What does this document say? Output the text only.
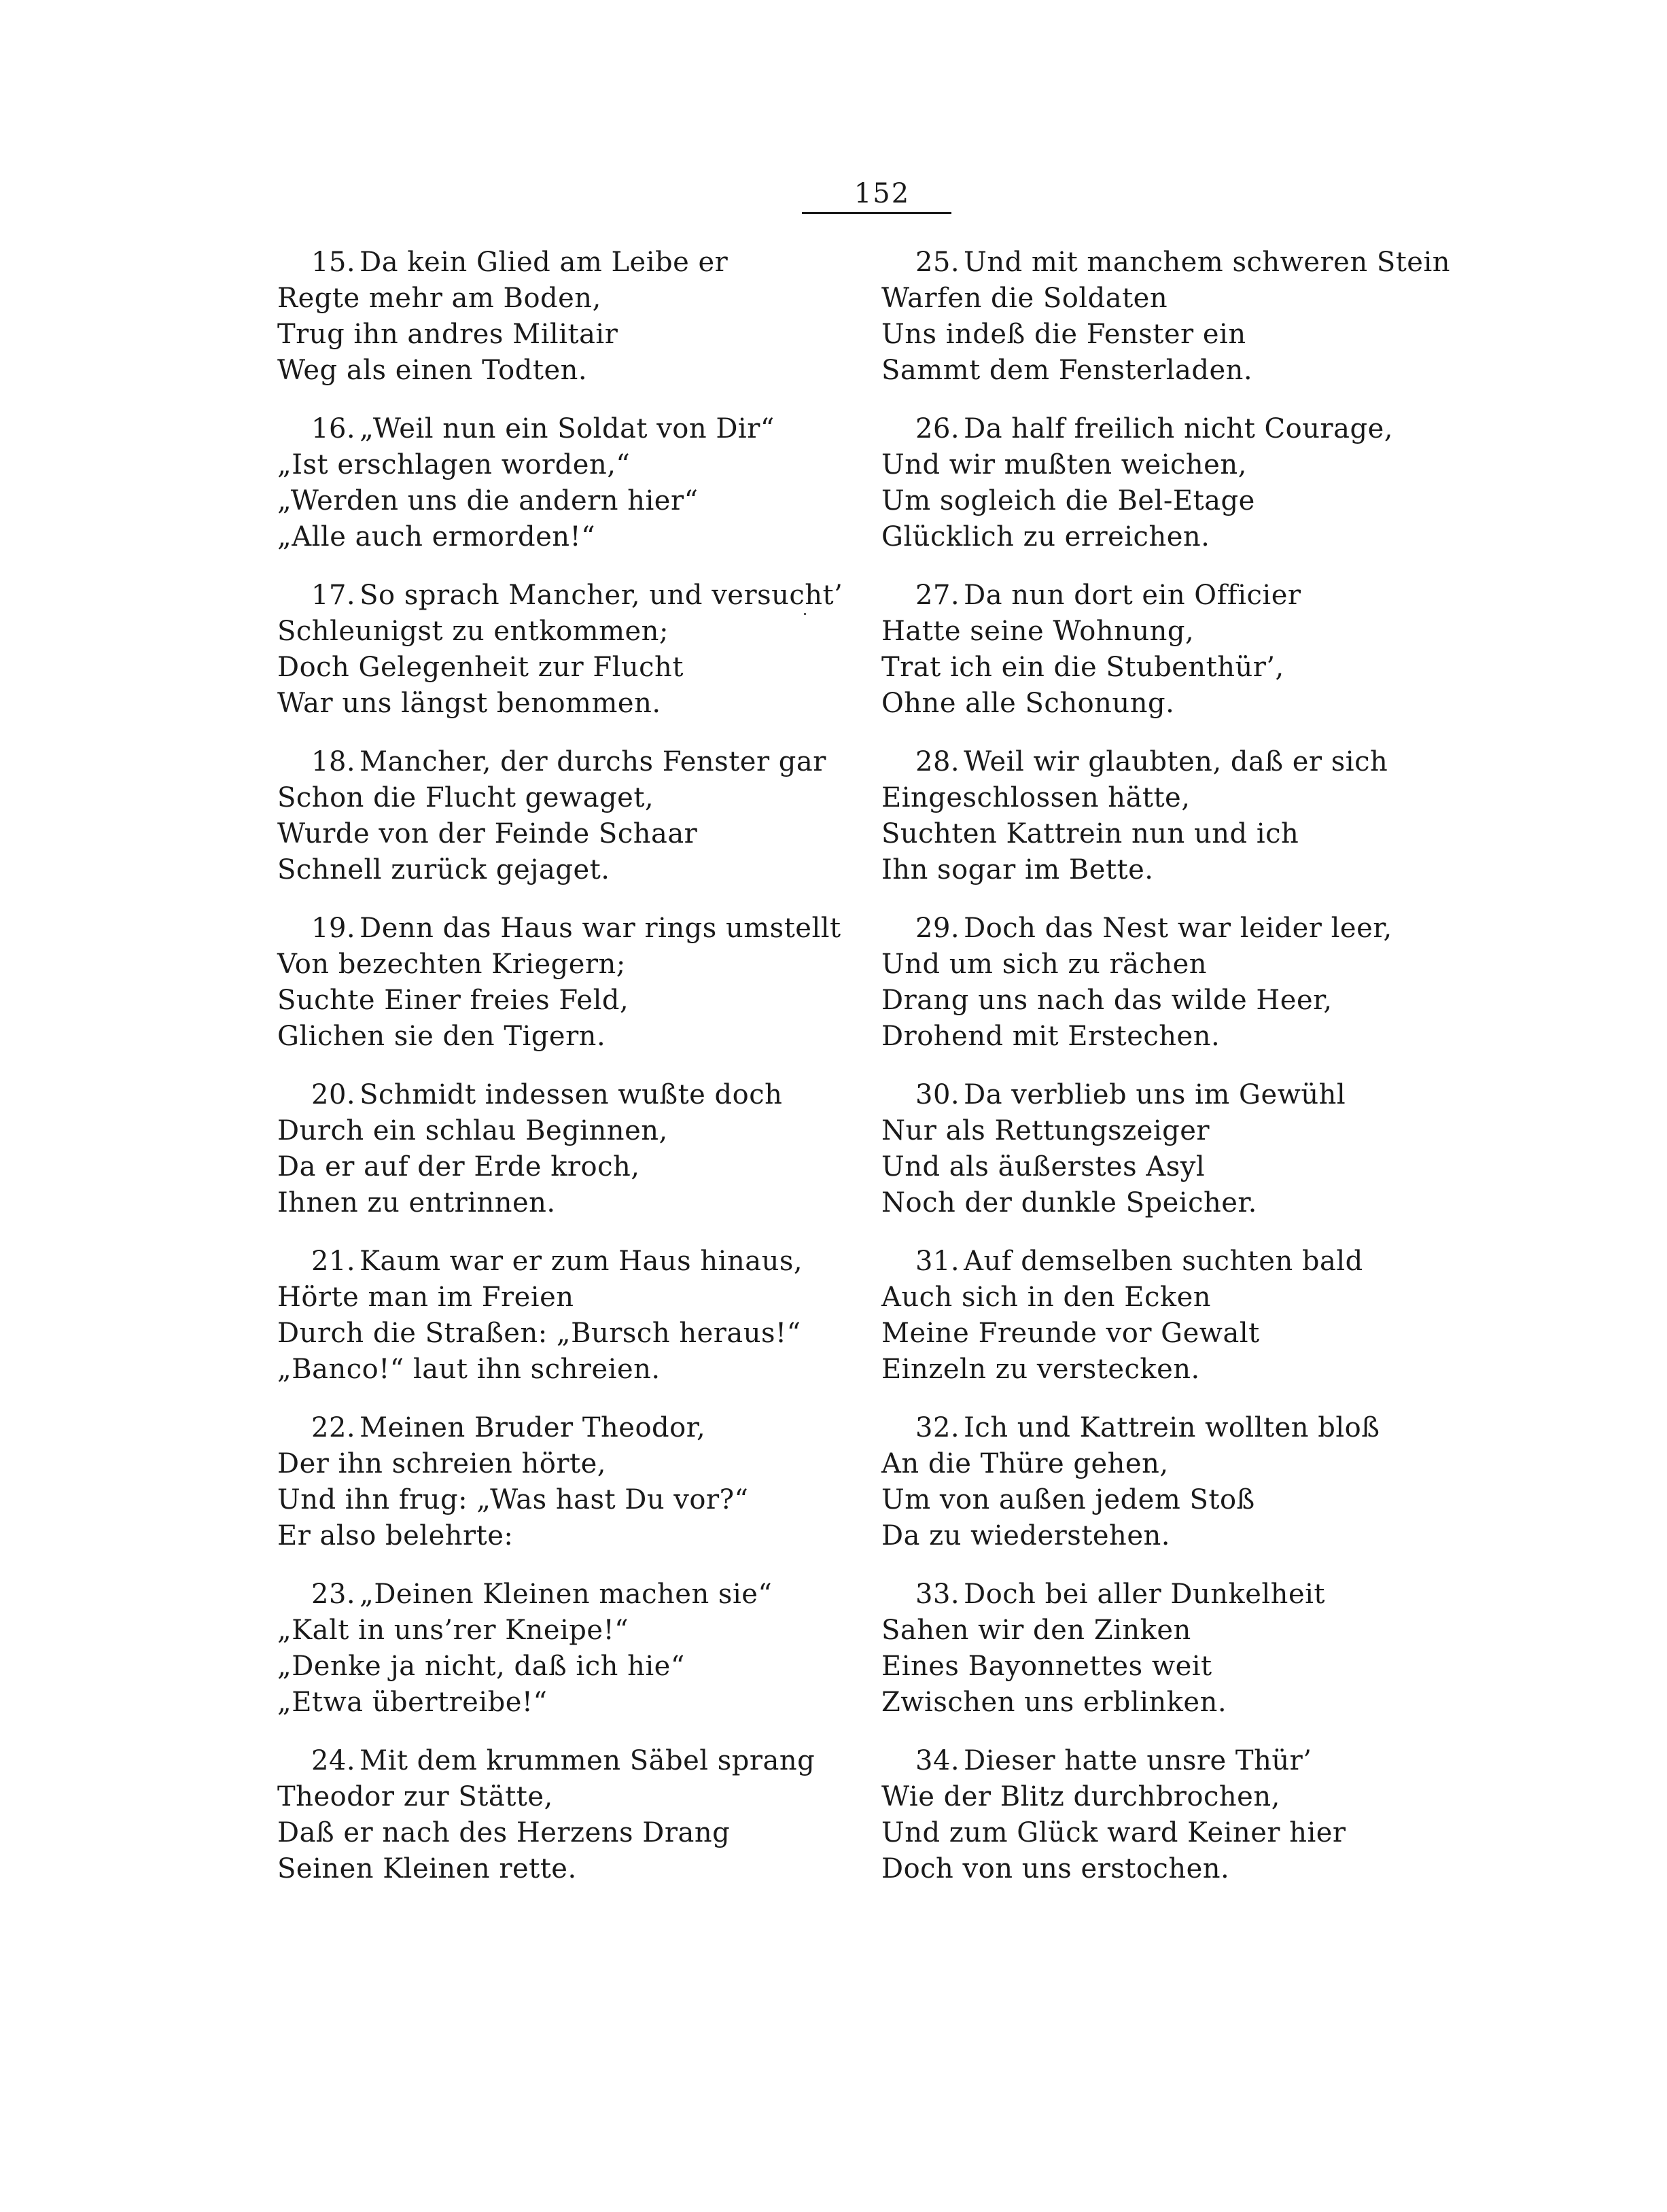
152
15. Da kein Glied am Leibe er
Regte mehr am Boden,
Trug ihn andres Militair
Weg als einen Todten.
16. „Weil nun ein Soldat von Dir“
„Ist erschlagen worden,“
„Werden uns die andern hier“
„Alle auch ermorden!“
17. So sprach Mancher, und versucht’
Schleunigst zu entkommen;
Doch Gelegenheit zur Flucht
War uns längst benommen.
18. Mancher, der durchs Fenster gar
Schon die Flucht gewaget,
Wurde von der Feinde Schaar
Schnell zurück gejaget.
19. Denn das Haus war rings umstellt
Von bezechten Kriegern;
Suchte Einer freies Feld,
Glichen sie den Tigern.
20. Schmidt indessen wußte doch
Durch ein schlau Beginnen,
Da er auf der Erde kroch,
Ihnen zu entrinnen.
21. Kaum war er zum Haus hinaus,
Hörte man im Freien
Durch die Straßen: „Bursch heraus!“
„Banco!“ laut ihn schreien.
22. Meinen Bruder Theodor,
Der ihn schreien hörte,
Und ihn frug: „Was hast Du vor?“
Er also belehrte:
23. „Deinen Kleinen machen sie“
„Kalt in uns’rer Kneipe!“
„Denke ja nicht, daß ich hie“
„Etwa übertreibe!“
24. Mit dem krummen Säbel sprang
Theodor zur Stätte,
Daß er nach des Herzens Drang
Seinen Kleinen rette.
25. Und mit manchem schweren Stein
Warfen die Soldaten
Uns indeß die Fenster ein
Sammt dem Fensterladen.
26. Da half freilich nicht Courage,
Und wir mußten weichen,
Um sogleich die Bel-Etage
Glücklich zu erreichen.
27. Da nun dort ein Officier
Hatte seine Wohnung,
Trat ich ein die Stubenthür’,
Ohne alle Schonung.
28. Weil wir glaubten, daß er sich
Eingeschlossen hätte,
Suchten Kattrein nun und ich
Ihn sogar im Bette.
29. Doch das Nest war leider leer,
Und um sich zu rächen
Drang uns nach das wilde Heer,
Drohend mit Erstechen.
30. Da verblieb uns im Gewühl
Nur als Rettungszeiger
Und als äußerstes Asyl
Noch der dunkle Speicher.
31. Auf demselben suchten bald
Auch sich in den Ecken
Meine Freunde vor Gewalt
Einzeln zu verstecken.
32. Ich und Kattrein wollten bloß
An die Thüre gehen,
Um von außen jedem Stoß
Da zu wiederstehen.
33. Doch bei aller Dunkelheit
Sahen wir den Zinken
Eines Bayonnettes weit
Zwischen uns erblinken.
34. Dieser hatte unsre Thür’
Wie der Blitz durchbrochen,
Und zum Glück ward Keiner hier
Doch von uns erstochen.
